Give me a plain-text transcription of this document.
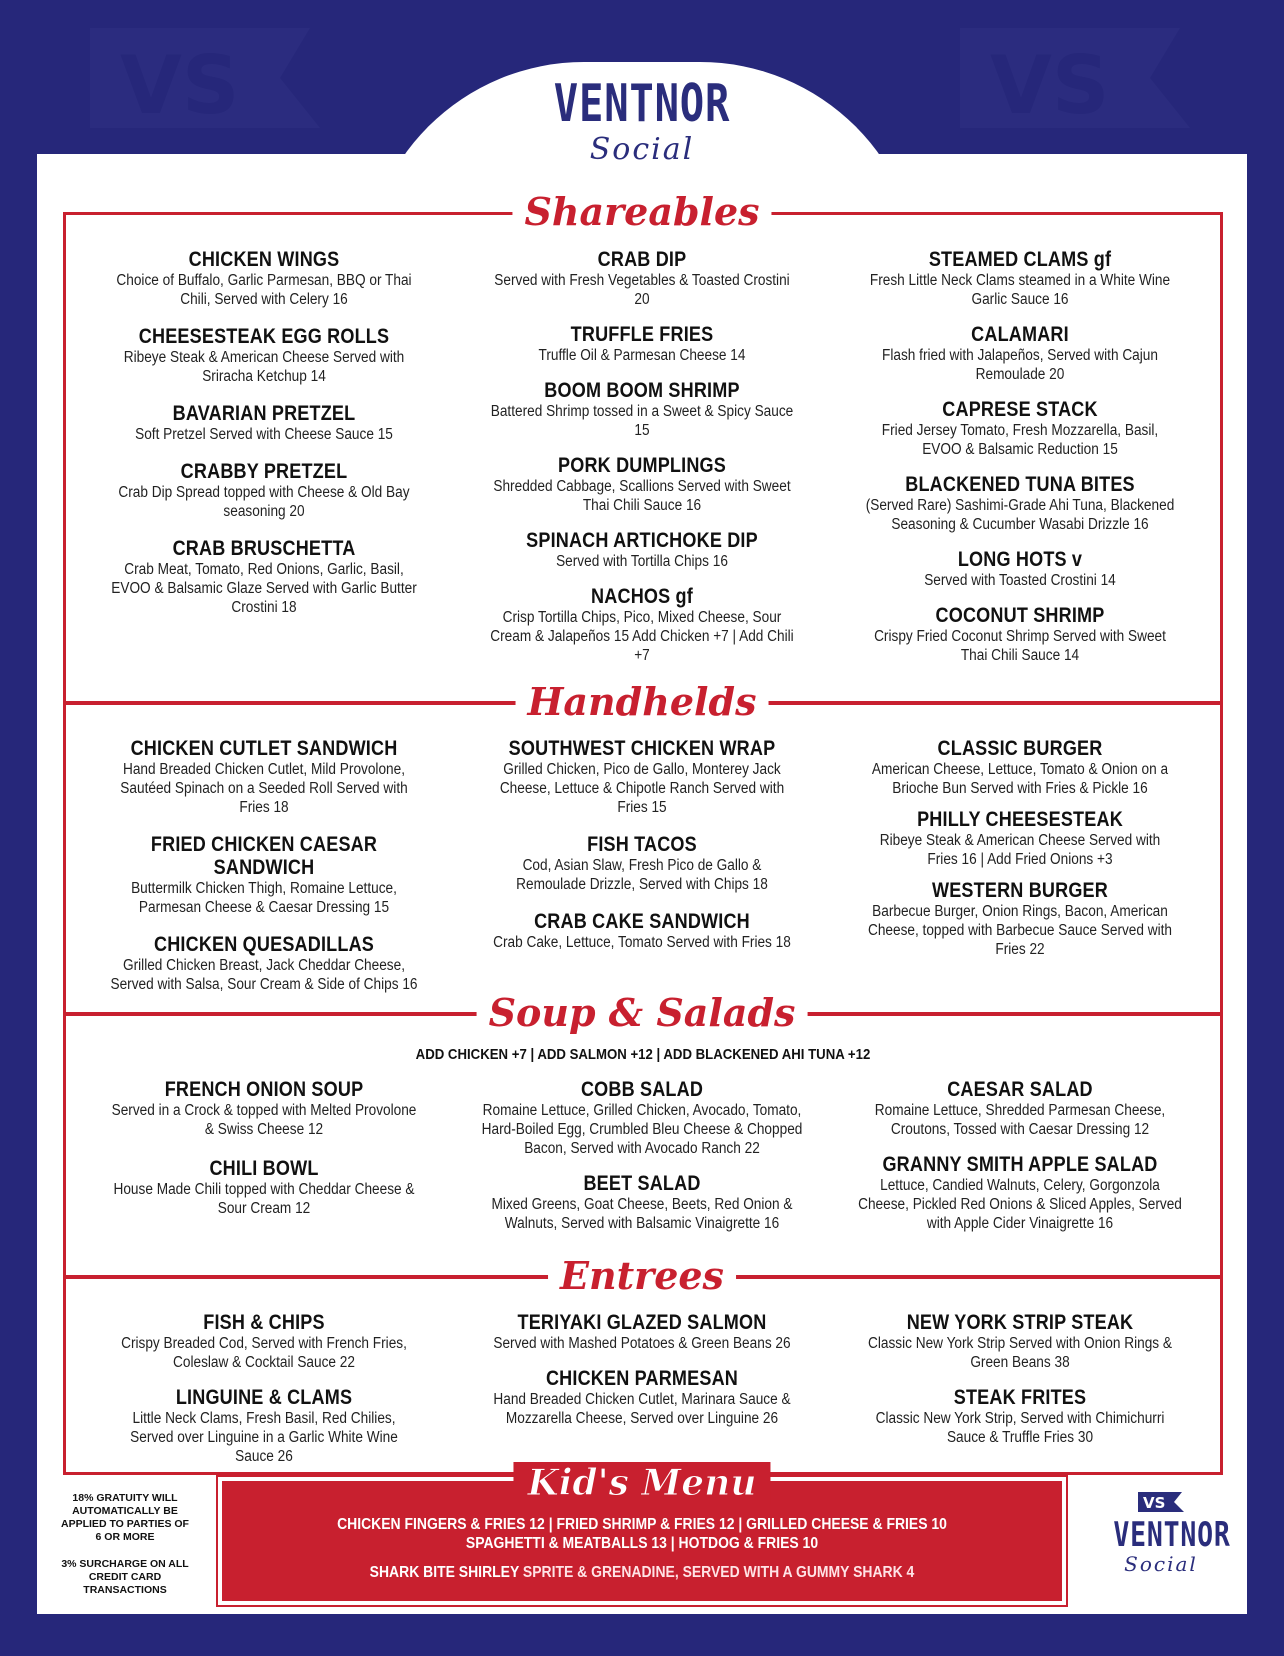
VS	VS
VENTNOR
Social
Shareables
Handhelds
Soup & Salads
Entrees
CHICKEN WINGS
Choice of Buffalo, Garlic Parmesan, BBQ or Thai Chili, Served with Celery 16
CHEESESTEAK EGG ROLLS
Ribeye Steak & American Cheese Served with Sriracha Ketchup 14
BAVARIAN PRETZEL
Soft Pretzel Served with Cheese Sauce 15
CRABBY PRETZEL
Crab Dip Spread topped with Cheese & Old Bay seasoning 20
CRAB BRUSCHETTA
Crab Meat, Tomato, Red Onions, Garlic, Basil, EVOO & Balsamic Glaze Served with Garlic Butter Crostini 18
CRAB DIP
Served with Fresh Vegetables & Toasted Crostini 20
TRUFFLE FRIES
Truffle Oil & Parmesan Cheese 14
BOOM BOOM SHRIMP
Battered Shrimp tossed in a Sweet & Spicy Sauce 15
PORK DUMPLINGS
Shredded Cabbage, Scallions Served with Sweet Thai Chili Sauce 16
SPINACH ARTICHOKE DIP
Served with Tortilla Chips 16
NACHOS gf
Crisp Tortilla Chips, Pico, Mixed Cheese, Sour Cream & Jalapeños 15 Add Chicken +7 | Add Chili +7
STEAMED CLAMS gf
Fresh Little Neck Clams steamed in a White Wine Garlic Sauce 16
CALAMARI
Flash fried with Jalapeños, Served with Cajun Remoulade 20
CAPRESE STACK
Fried Jersey Tomato, Fresh Mozzarella, Basil, EVOO & Balsamic Reduction 15
BLACKENED TUNA BITES
(Served Rare) Sashimi-Grade Ahi Tuna, Blackened Seasoning & Cucumber Wasabi Drizzle 16
LONG HOTS v
Served with Toasted Crostini 14
COCONUT SHRIMP
Crispy Fried Coconut Shrimp Served with Sweet Thai Chili Sauce 14
CHICKEN CUTLET SANDWICH
Hand Breaded Chicken Cutlet, Mild Provolone, Sautéed Spinach on a Seeded Roll Served with Fries 18
FRIED CHICKEN CAESAR SANDWICH
Buttermilk Chicken Thigh, Romaine Lettuce, Parmesan Cheese & Caesar Dressing 15
CHICKEN QUESADILLAS
Grilled Chicken Breast, Jack Cheddar Cheese, Served with Salsa, Sour Cream & Side of Chips 16
SOUTHWEST CHICKEN WRAP
Grilled Chicken, Pico de Gallo, Monterey Jack Cheese, Lettuce & Chipotle Ranch Served with Fries 15
FISH TACOS
Cod, Asian Slaw, Fresh Pico de Gallo & Remoulade Drizzle, Served with Chips 18
CRAB CAKE SANDWICH
Crab Cake, Lettuce, Tomato Served with Fries 18
CLASSIC BURGER
American Cheese, Lettuce, Tomato & Onion on a Brioche Bun Served with Fries & Pickle 16
PHILLY CHEESESTEAK
Ribeye Steak & American Cheese Served with Fries 16 | Add Fried Onions +3
WESTERN BURGER
Barbecue Burger, Onion Rings, Bacon, American Cheese, topped with Barbecue Sauce Served with Fries 22
ADD CHICKEN +7 | ADD SALMON +12 | ADD BLACKENED AHI TUNA +12
FRENCH ONION SOUP
Served in a Crock & topped with Melted Provolone & Swiss Cheese 12
CHILI BOWL
House Made Chili topped with Cheddar Cheese & Sour Cream 12
COBB SALAD
Romaine Lettuce, Grilled Chicken, Avocado, Tomato, Hard-Boiled Egg, Crumbled Bleu Cheese & Chopped Bacon, Served with Avocado Ranch 22
BEET SALAD
Mixed Greens, Goat Cheese, Beets, Red Onion & Walnuts, Served with Balsamic Vinaigrette 16
CAESAR SALAD
Romaine Lettuce, Shredded Parmesan Cheese, Croutons, Tossed with Caesar Dressing 12
GRANNY SMITH APPLE SALAD
Lettuce, Candied Walnuts, Celery, Gorgonzola Cheese, Pickled Red Onions & Sliced Apples, Served with Apple Cider Vinaigrette 16
FISH & CHIPS
Crispy Breaded Cod, Served with French Fries, Coleslaw & Cocktail Sauce 22
LINGUINE & CLAMS
Little Neck Clams, Fresh Basil, Red Chilies, Served over Linguine in a Garlic White Wine Sauce 26
TERIYAKI GLAZED SALMON
Served with Mashed Potatoes & Green Beans 26
CHICKEN PARMESAN
Hand Breaded Chicken Cutlet, Marinara Sauce & Mozzarella Cheese, Served over Linguine 26
NEW YORK STRIP STEAK
Classic New York Strip Served with Onion Rings & Green Beans 38
STEAK FRITES
Classic New York Strip, Served with Chimichurri Sauce & Truffle Fries 30
Kid's Menu
CHICKEN FINGERS & FRIES 12 | FRIED SHRIMP & FRIES 12 | GRILLED CHEESE & FRIES 10
SPAGHETTI & MEATBALLS 13 | HOTDOG & FRIES 10
SHARK BITE SHIRLEY SPRITE & GRENADINE, SERVED WITH A GUMMY SHARK 4
18% GRATUITY WILL AUTOMATICALLY BE APPLIED TO PARTIES OF 6 OR MORE
3% SURCHARGE ON ALL CREDIT CARD TRANSACTIONS
VS
VENTNOR
Social
